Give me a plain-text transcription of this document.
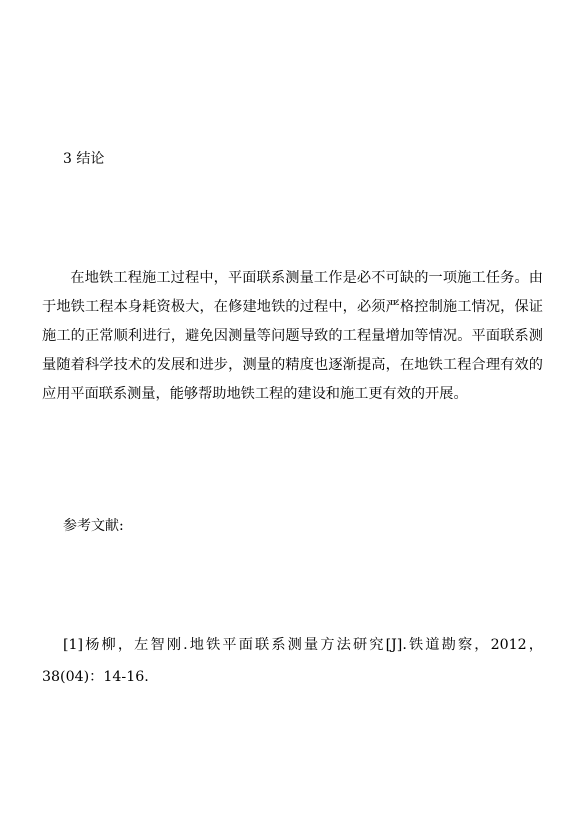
3 结论

在地铁工程施工过程中，平面联系测量工作是必不可缺的一项施工任务。由于地铁工程本身耗资极大，在修建地铁的过程中，必须严格控制施工情况，保证施工的正常顺利进行，避免因测量等问题导致的工程量增加等情况。平面联系测量随着科学技术的发展和进步，测量的精度也逐渐提高，在地铁工程合理有效的应用平面联系测量，能够帮助地铁工程的建设和施工更有效的开展。

参考文献:

[1]杨柳，左智刚.地铁平面联系测量方法研究[J].铁道勘察，2012，38(04)：14-16.
